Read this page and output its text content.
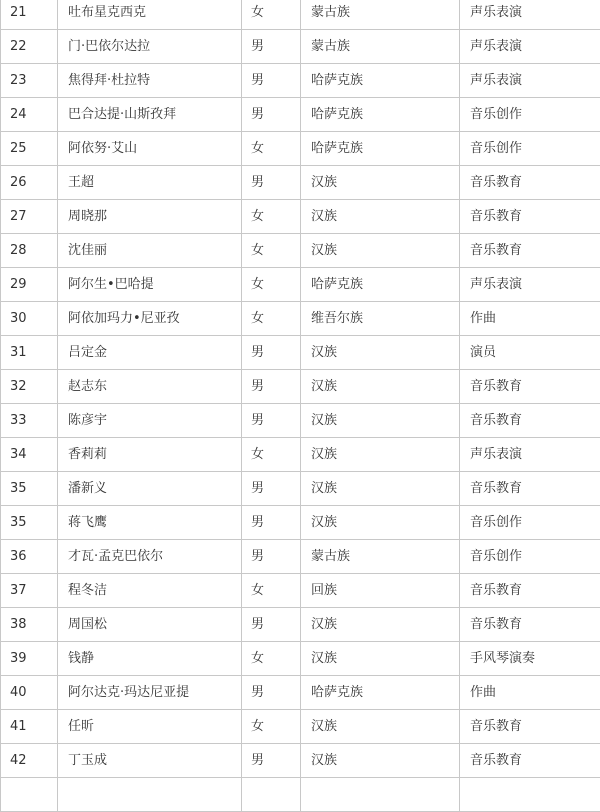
21	吐布星克西克	女	蒙古族	声乐表演
22	门·巴依尔达拉	男	蒙古族	声乐表演
23	焦得拜·杜拉特	男	哈萨克族	声乐表演
24	巴合达提·山斯孜拜	男	哈萨克族	音乐创作
25	阿依努·艾山	女	哈萨克族	音乐创作
26	王超	男	汉族	音乐教育
27	周晓那	女	汉族	音乐教育
28	沈佳丽	女	汉族	音乐教育
29	阿尔生•巴哈提	女	哈萨克族	声乐表演
30	阿依加玛力•尼亚孜	女	维吾尔族	作曲
31	吕定金	男	汉族	演员
32	赵志东	男	汉族	音乐教育
33	陈彦宇	男	汉族	音乐教育
34	香莉莉	女	汉族	声乐表演
35	潘新义	男	汉族	音乐教育
35	蒋飞鹰	男	汉族	音乐创作
36	才瓦·孟克巴依尔	男	蒙古族	音乐创作
37	程冬洁	女	回族	音乐教育
38	周国松	男	汉族	音乐教育
39	钱静	女	汉族	手风琴演奏
40	阿尔达克·玛达尼亚提	男	哈萨克族	作曲
41	任昕	女	汉族	音乐教育
42	丁玉成	男	汉族	音乐教育
